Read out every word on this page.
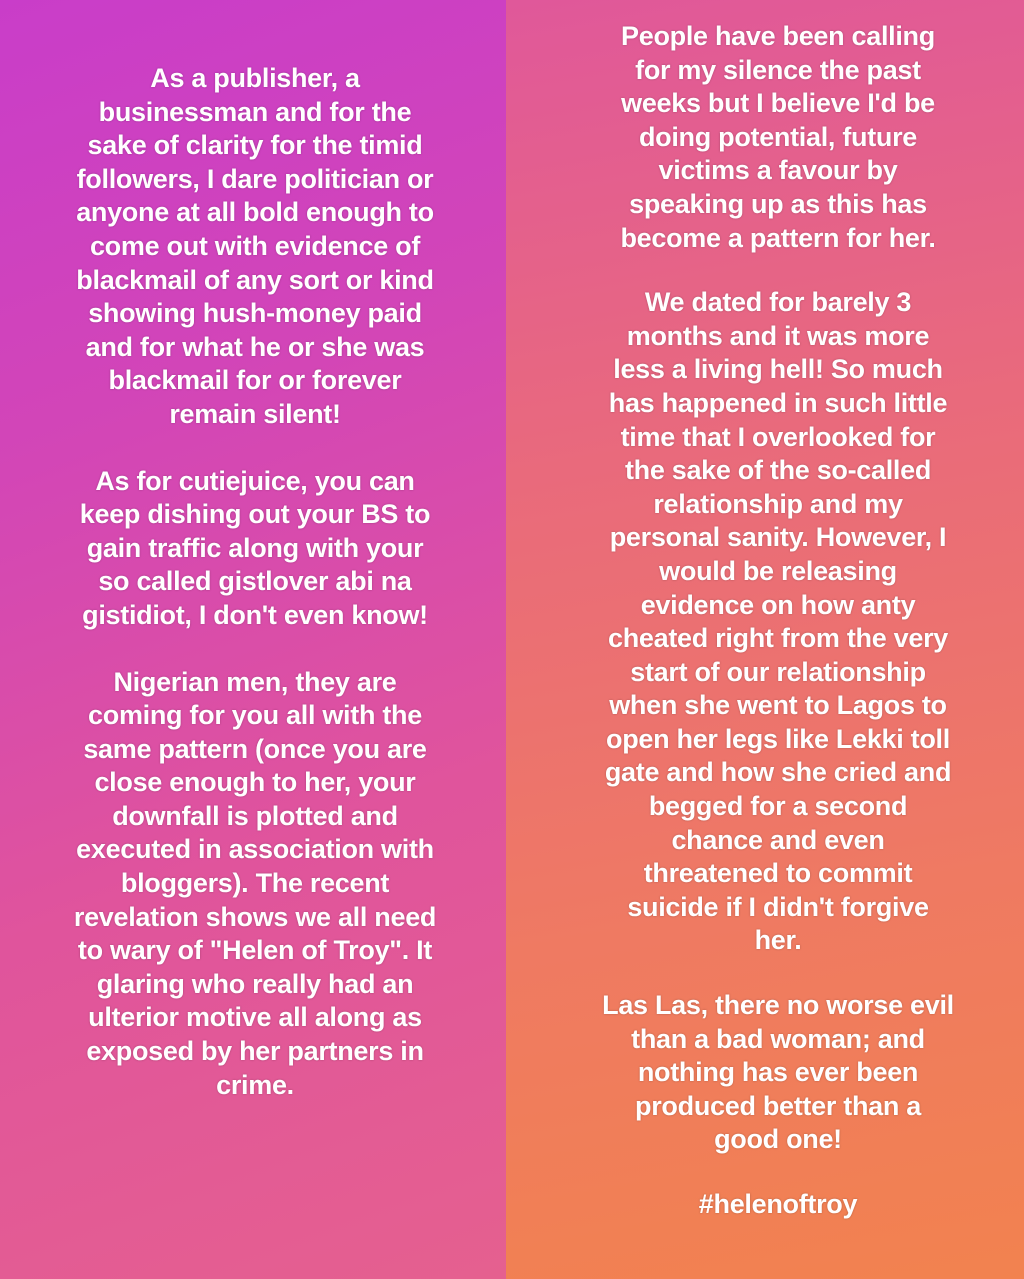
As a publisher, a businessman and for the sake of clarity for the timid followers, I dare politician or anyone at all bold enough to come out with evidence of blackmail of any sort or kind showing hush-money paid and for what he or she was blackmail for or forever remain silent!

As for cutiejuice, you can keep dishing out your BS to gain traffic along with your so called gistlover abi na gistidiot, I don't even know!

Nigerian men, they are coming for you all with the same pattern (once you are close enough to her, your downfall is plotted and executed in association with bloggers). The recent revelation shows we all need to wary of "Helen of Troy". It glaring who really had an ulterior motive all along as exposed by her partners in crime.

People have been calling for my silence the past weeks but I believe I'd be doing potential, future victims a favour by speaking up as this has become a pattern for her.

We dated for barely 3 months and it was more less a living hell! So much has happened in such little time that I overlooked for the sake of the so-called relationship and my personal sanity. However, I would be releasing evidence on how anty cheated right from the very start of our relationship when she went to Lagos to open her legs like Lekki toll gate and how she cried and begged for a second chance and even threatened to commit suicide if I didn't forgive her.

Las Las, there no worse evil than a bad woman; and nothing has ever been produced better than a good one!

#helenoftroy
